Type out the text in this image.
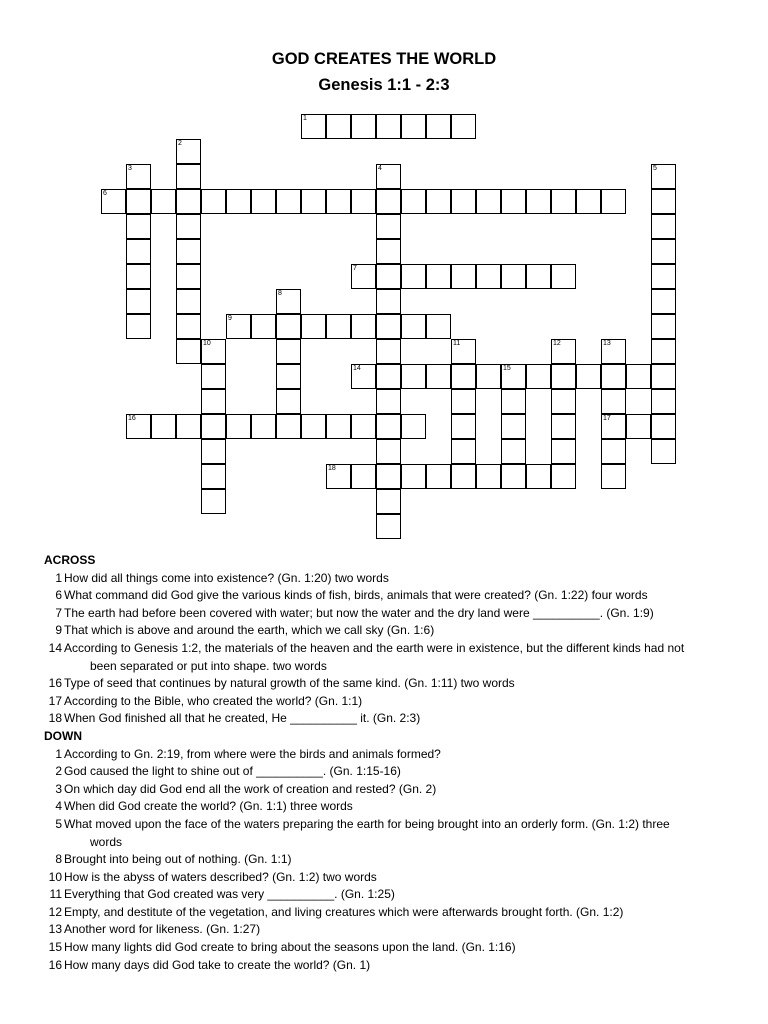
GOD CREATES THE WORLD
Genesis 1:1 - 2:3
1
2
3	4	5
6
7
8
9
10	11	12	13
17
14	15
16
18
ACROSS
1 How did all things come into existence? (Gn. 1:20) two words
6 What command did God give the various kinds of fish, birds, animals that were created? (Gn. 1:22) four words
7 The earth had before been covered with water; but now the water and the dry land were __________. (Gn. 1:9)
9 That which is above and around the earth, which we call sky (Gn. 1:6)
14 According to Genesis 1:2, the materials of the heaven and the earth were in existence, but the different kinds had not
been separated or put into shape. two words
16 Type of seed that continues by natural growth of the same kind. (Gn. 1:11) two words
17 According to the Bible, who created the world? (Gn. 1:1)
18 When God finished all that he created, He __________ it. (Gn. 2:3)
DOWN
1 According to Gn. 2:19, from where were the birds and animals formed?
2 God caused the light to shine out of __________. (Gn. 1:15-16)
3 On which day did God end all the work of creation and rested? (Gn. 2)
4 When did God create the world? (Gn. 1:1) three words
5 What moved upon the face of the waters preparing the earth for being brought into an orderly form. (Gn. 1:2) three
words
8 Brought into being out of nothing. (Gn. 1:1)
10 How is the abyss of waters described? (Gn. 1:2) two words
11 Everything that God created was very __________. (Gn. 1:25)
12 Empty, and destitute of the vegetation, and living creatures which were afterwards brought forth. (Gn. 1:2)
13 Another word for likeness. (Gn. 1:27)
15 How many lights did God create to bring about the seasons upon the land. (Gn. 1:16)
16 How many days did God take to create the world? (Gn. 1)
